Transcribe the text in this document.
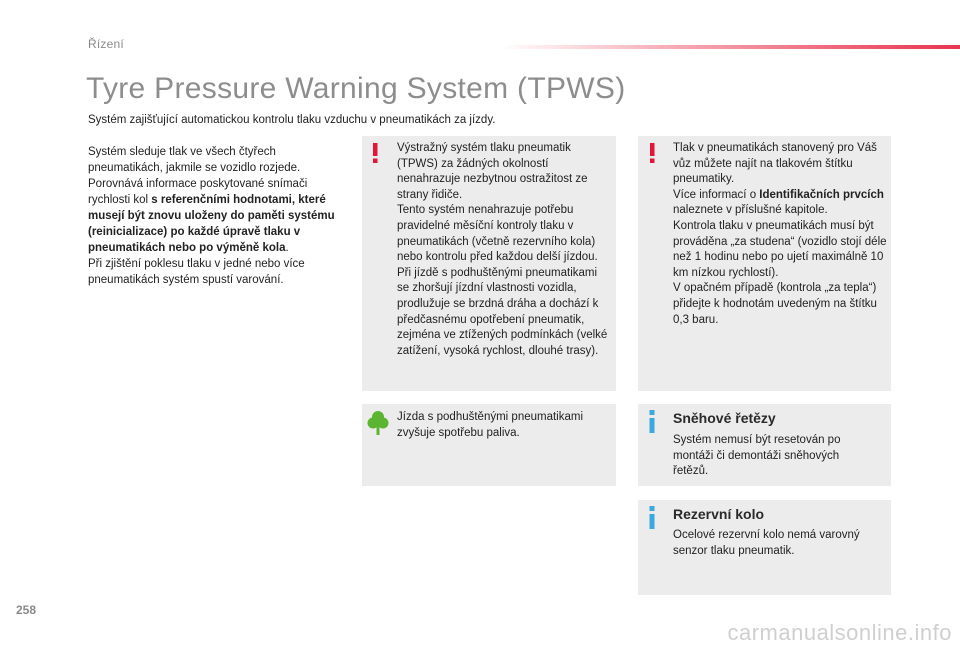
Řízení
Tyre Pressure Warning System (TPWS)
Systém zajišťující automatickou kontrolu tlaku vzduchu v pneumatikách za jízdy.
Systém sleduje tlak ve všech čtyřech pneumatikách, jakmile se vozidlo rozjede. Porovnává informace poskytované snímači rychlosti kol s referenčními hodnotami, které musejí být znovu uloženy do paměti systému (reinicializace) po každé úpravě tlaku v pneumatikách nebo po výměně kola.
Při zjištění poklesu tlaku v jedné nebo více pneumatikách systém spustí varování.
Výstražný systém tlaku pneumatik (TPWS) za žádných okolností nenahrazuje nezbytnou ostražitost ze strany řidiče.
Tento systém nenahrazuje potřebu pravidelné měsíční kontroly tlaku v pneumatikách (včetně rezervního kola) nebo kontrolu před každou delší jízdou.
Při jízdě s podhuštěnými pneumatikami se zhoršují jízdní vlastnosti vozidla, prodlužuje se brzdná dráha a dochází k předčasnému opotřebení pneumatik, zejména ve ztížených podmínkách (velké zatížení, vysoká rychlost, dlouhé trasy).
Tlak v pneumatikách stanovený pro Váš vůz můžete najít na tlakovém štítku pneumatiky.
Více informací o Identifikačních prvcích naleznete v příslušné kapitole.
Kontrola tlaku v pneumatikách musí být prováděna „za studena“ (vozidlo stojí déle než 1 hodinu nebo po ujetí maximálně 10 km nízkou rychlostí).
V opačném případě (kontrola „za tepla“) přidejte k hodnotám uvedeným na štítku 0,3 baru.
Jízda s podhuštěnými pneumatikami zvyšuje spotřebu paliva.
Sněhové řetězy
Systém nemusí být resetován po montáži či demontáži sněhových řetězů.
Rezervní kolo
Ocelové rezervní kolo nemá varovný senzor tlaku pneumatik.
258
carmanualsonline.info
